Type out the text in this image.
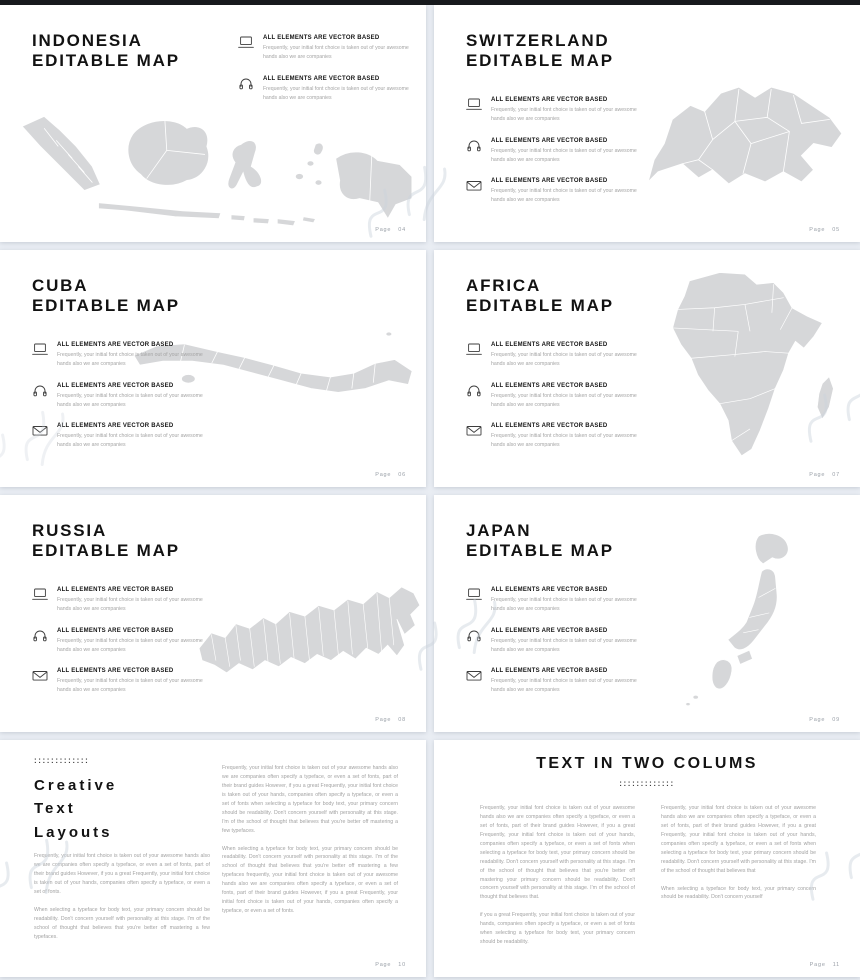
INDONESIA
EDITABLE MAP
ALL ELEMENTS ARE VECTOR BASED

Frequently, your initial font choice is taken out of your awesome hands also we are companies

ALL ELEMENTS ARE VECTOR BASED

Frequently, your initial font choice is taken out of your awesome hands also we are companies

Page 04
SWITZERLAND
EDITABLE MAP
ALL ELEMENTS ARE VECTOR BASED

Frequently, your initial font choice is taken out of your awesome hands also we are companies

ALL ELEMENTS ARE VECTOR BASED

Frequently, your initial font choice is taken out of your awesome hands also we are companies

ALL ELEMENTS ARE VECTOR BASED

Frequently, your initial font choice is taken out of your awesome hands also we are companies

Page 05
CUBA
EDITABLE MAP
ALL ELEMENTS ARE VECTOR BASED

Frequently, your initial font choice is taken out of your awesome hands also we are companies

ALL ELEMENTS ARE VECTOR BASED

Frequently, your initial font choice is taken out of your awesome hands also we are companies

ALL ELEMENTS ARE VECTOR BASED

Frequently, your initial font choice is taken out of your awesome hands also we are companies

Page 06
AFRICA
EDITABLE MAP
ALL ELEMENTS ARE VECTOR BASED

Frequently, your initial font choice is taken out of your awesome hands also we are companies

ALL ELEMENTS ARE VECTOR BASED

Frequently, your initial font choice is taken out of your awesome hands also we are companies

ALL ELEMENTS ARE VECTOR BASED

Frequently, your initial font choice is taken out of your awesome hands also we are companies

Page 07
RUSSIA
EDITABLE MAP
ALL ELEMENTS ARE VECTOR BASED

Frequently, your initial font choice is taken out of your awesome hands also we are companies

ALL ELEMENTS ARE VECTOR BASED

Frequently, your initial font choice is taken out of your awesome hands also we are companies

ALL ELEMENTS ARE VECTOR BASED

Frequently, your initial font choice is taken out of your awesome hands also we are companies

Page 08
JAPAN
EDITABLE MAP
ALL ELEMENTS ARE VECTOR BASED

Frequently, your initial font choice is taken out of your awesome hands also we are companies

ALL ELEMENTS ARE VECTOR BASED

Frequently, your initial font choice is taken out of your awesome hands also we are companies

ALL ELEMENTS ARE VECTOR BASED

Frequently, your initial font choice is taken out of your awesome hands also we are companies

Page 09
:::::::::::::
Creative
Text
Layouts

Frequently, your initial font choice is taken out of your awesome hands also we are companies often specify a typeface, or even a set of fonts, part of their brand guides However, if you a great Frequently, your initial font choice is taken out of your hands, companies often specify a typeface, or even a set of fonts.

When selecting a typeface for body text, your primary concern should be readability. Don't concern yourself with personality at this stage. I'm of the school of thought that believes that you're better off mastering a few typefaces.

Frequently, your initial font choice is taken out of your awesome hands also we are companies often specify a typeface, or even a set of fonts, part of their brand guides However, if you a great Frequently, your initial font choice is taken out of your hands, companies often specify a typeface, or even a set of fonts when selecting a typeface for body text, your primary concern should be readability. Don't concern yourself with personality at this stage. I'm of the school of thought that believes that you're better off mastering a few typefaces.

When selecting a typeface for body text, your primary concern should be readability. Don't concern yourself with personality at this stage. I'm of the school of thought that believes that you're better off mastering a few typefaces frequently, your initial font choice is taken out of your awesome hands also we are companies often specify a typeface, or even a set of fonts, part of their brand guides However, if you a great Frequently, your initial font choice is taken out of your hands, companies often specify a typeface, or even a set of fonts.

Page 10
TEXT IN TWO COLUMS
:::::::::::::

Frequently, your initial font choice is taken out of your awesome hands also we are companies often specify a typeface, or even a set of fonts, part of their brand guides However, if you a great Frequently, your initial font choice is taken out of your hands, companies often specify a typeface, or even a set of fonts when selecting a typeface for body text, your primary concern should be readability. Don't concern yourself with personality at this stage. I'm of the school of thought that believes that you're better off mastering your primary concern should be readability. Don't concern yourself with personality at this stage. I'm of the school of thought that believes that.

if you a great Frequently, your initial font choice is taken out of your hands, companies often specify a typeface, or even a set of fonts when selecting a typeface for body text, your primary concern should be readability.

Frequently, your initial font choice is taken out of your awesome hands also we are companies often specify a typeface, or even a set of fonts, part of their brand guides However, if you a great Frequently, your initial font choice is taken out of your hands, companies often specify a typeface, or even a set of fonts when selecting a typeface for body text, your primary concern should be readability. Don't concern yourself with personality at this stage. I'm of the school of thought that believes that

When selecting a typeface for body text, your primary concern should be readability. Don't concern yourself

Page 11
